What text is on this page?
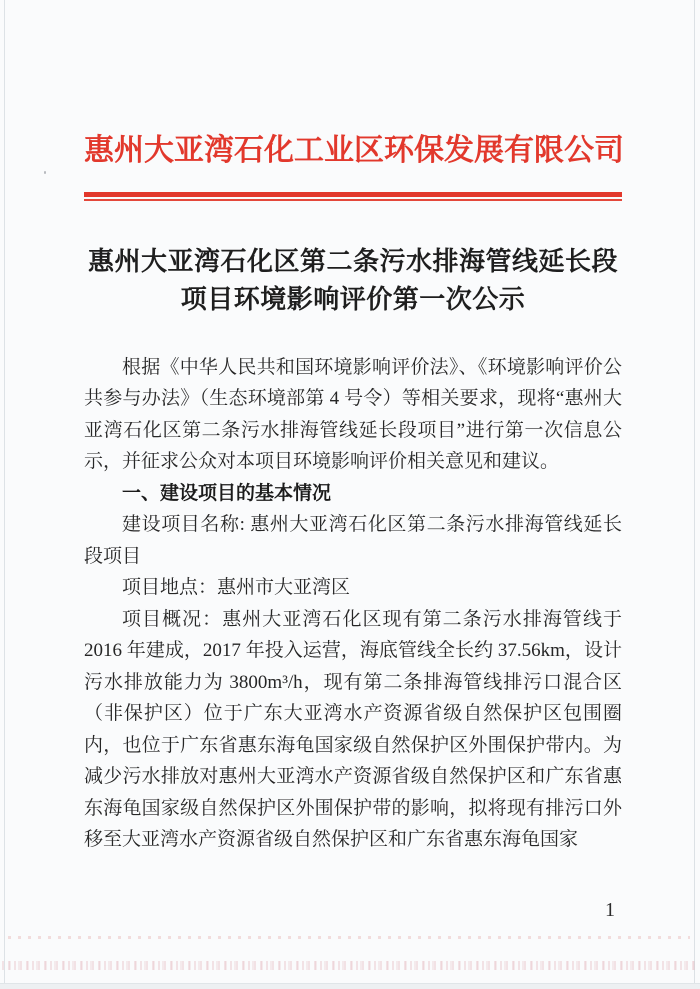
惠州大亚湾石化工业区环保发展有限公司
惠州大亚湾石化区第二条污水排海管线延长段
项目环境影响评价第一次公示

根据《中华人民共和国环境影响评价法》、《环境影响评价公共参与办法》（生态环境部第 4 号令）等相关要求，现将“惠州大亚湾石化区第二条污水排海管线延长段项目”进行第一次信息公示，并征求公众对本项目环境影响评价相关意见和建议。

一、建设项目的基本情况

建设项目名称: 惠州大亚湾石化区第二条污水排海管线延长段项目

项目地点：惠州市大亚湾区

项目概况：惠州大亚湾石化区现有第二条污水排海管线于 2016 年建成，2017 年投入运营，海底管线全长约 37.56km，设计污水排放能力为 3800m³/h，现有第二条排海管线排污口混合区（非保护区）位于广东大亚湾水产资源省级自然保护区包围圈内，也位于广东省惠东海龟国家级自然保护区外围保护带内。为减少污水排放对惠州大亚湾水产资源省级自然保护区和广东省惠东海龟国家级自然保护区外围保护带的影响，拟将现有排污口外移至大亚湾水产资源省级自然保护区和广东省惠东海龟国家

1
